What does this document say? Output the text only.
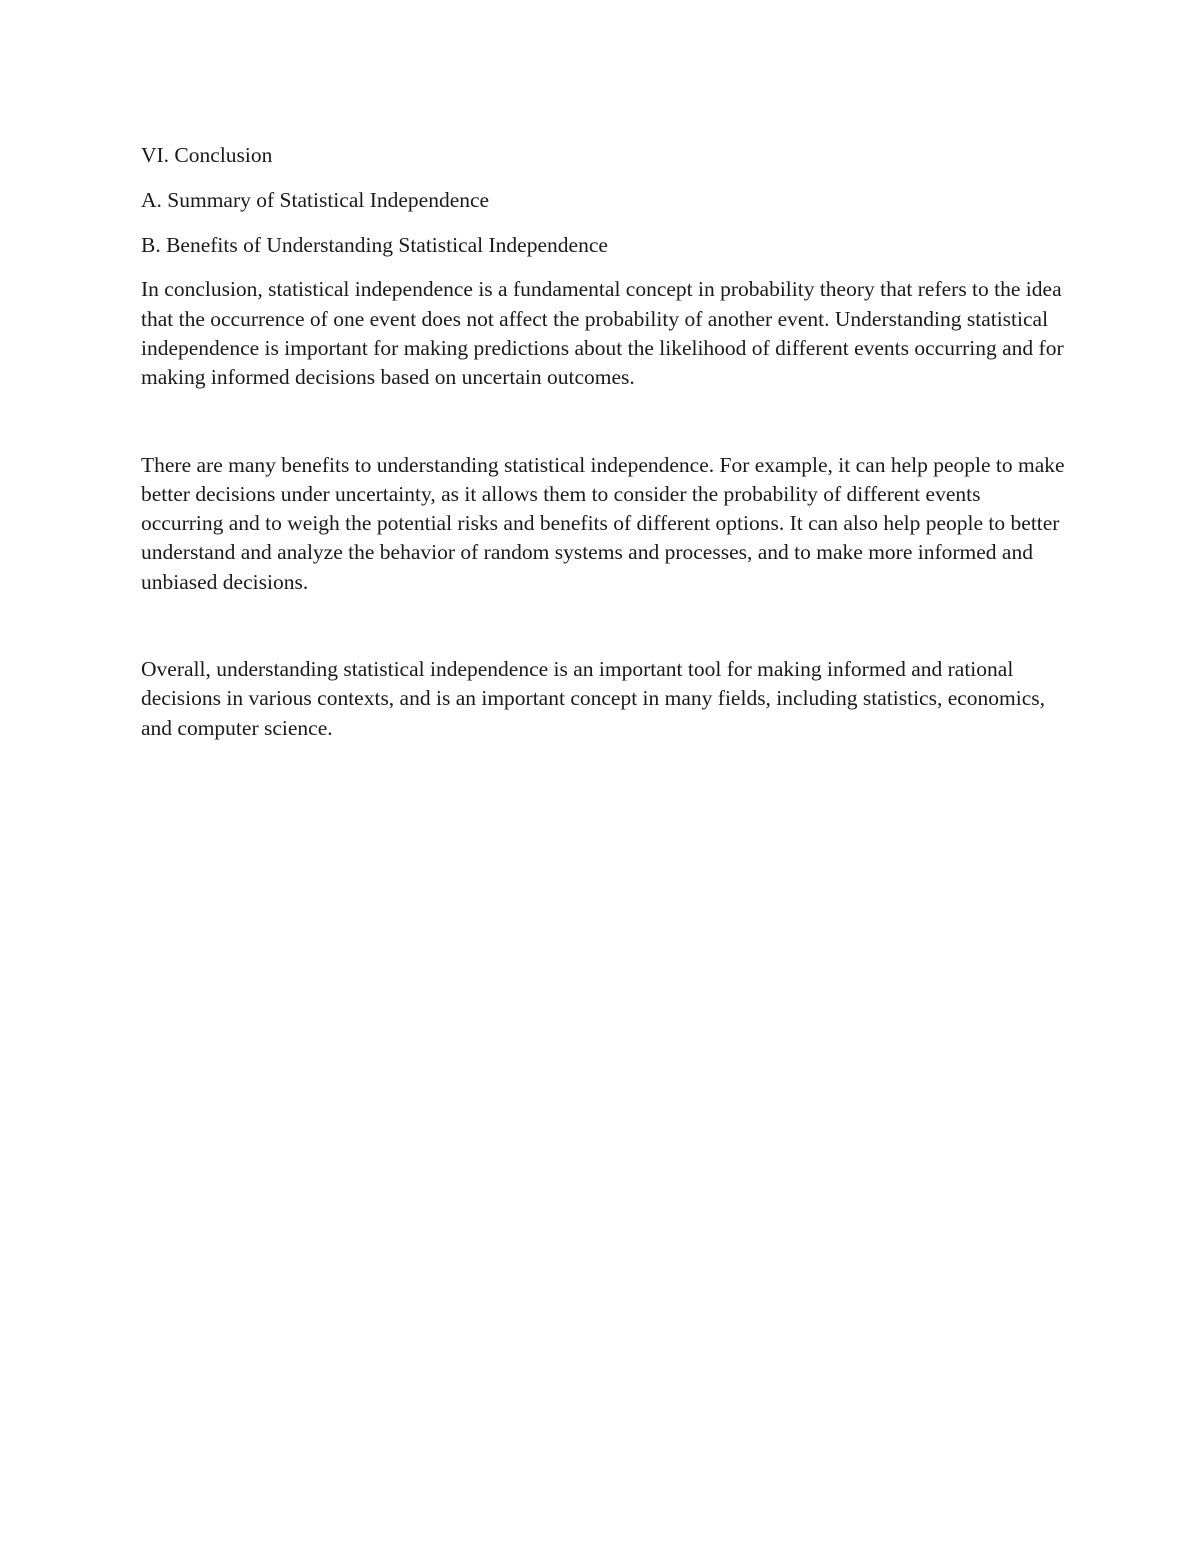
VI. Conclusion

A. Summary of Statistical Independence

B. Benefits of Understanding Statistical Independence

In conclusion, statistical independence is a fundamental concept in probability theory that refers to the idea that the occurrence of one event does not affect the probability of another event. Understanding statistical independence is important for making predictions about the likelihood of different events occurring and for making informed decisions based on uncertain outcomes.

There are many benefits to understanding statistical independence. For example, it can help people to make better decisions under uncertainty, as it allows them to consider the probability of different events occurring and to weigh the potential risks and benefits of different options. It can also help people to better understand and analyze the behavior of random systems and processes, and to make more informed and unbiased decisions.

Overall, understanding statistical independence is an important tool for making informed and rational decisions in various contexts, and is an important concept in many fields, including statistics, economics, and computer science.
